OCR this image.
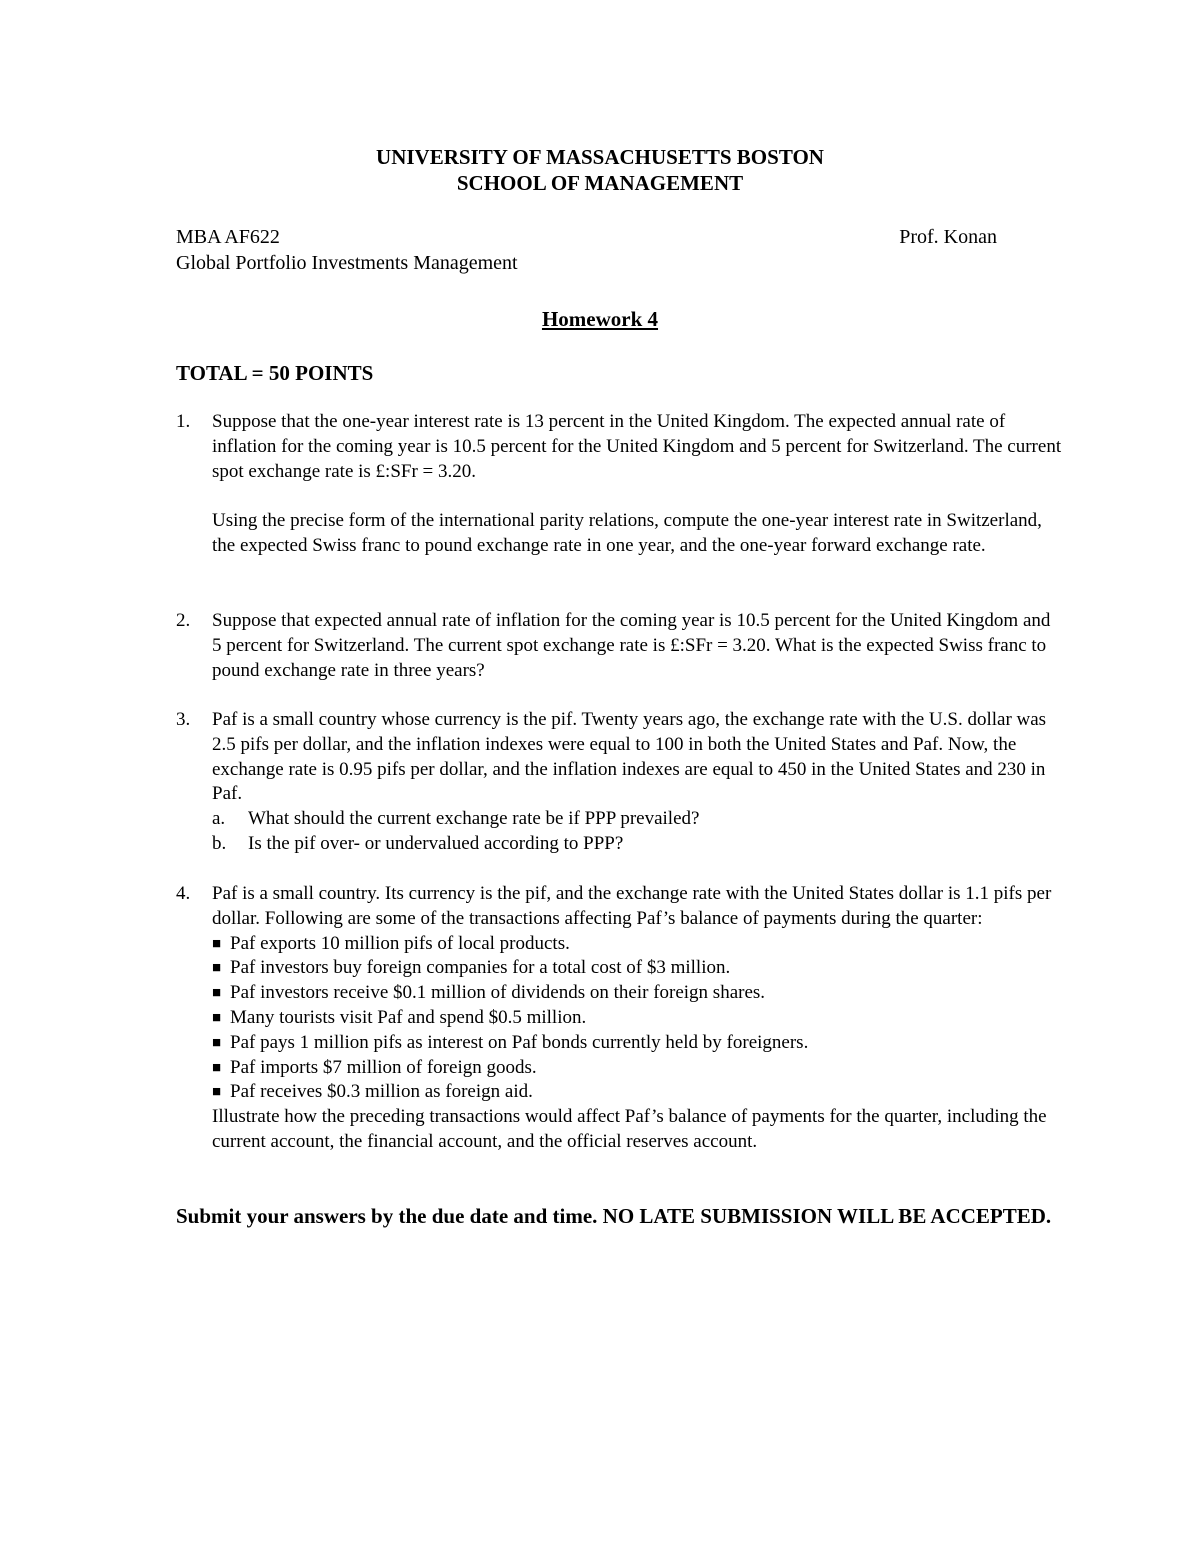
UNIVERSITY OF MASSACHUSETTS BOSTON
SCHOOL OF MANAGEMENT
MBA AF622	Prof. Konan
Global Portfolio Investments Management
Homework 4
TOTAL = 50 POINTS
1. Suppose that the one-year interest rate is 13 percent in the United Kingdom. The expected annual rate of inflation for the coming year is 10.5 percent for the United Kingdom and 5 percent for Switzerland. The current spot exchange rate is £:SFr = 3.20.

Using the precise form of the international parity relations, compute the one-year interest rate in Switzerland, the expected Swiss franc to pound exchange rate in one year, and the one-year forward exchange rate.

2. Suppose that expected annual rate of inflation for the coming year is 10.5 percent for the United Kingdom and 5 percent for Switzerland. The current spot exchange rate is £:SFr = 3.20. What is the expected Swiss franc to pound exchange rate in three years?

3. Paf is a small country whose currency is the pif. Twenty years ago, the exchange rate with the U.S. dollar was 2.5 pifs per dollar, and the inflation indexes were equal to 100 in both the United States and Paf. Now, the exchange rate is 0.95 pifs per dollar, and the inflation indexes are equal to 450 in the United States and 230 in Paf.

a. What should the current exchange rate be if PPP prevailed?
b. Is the pif over- or undervalued according to PPP?
4. Paf is a small country. Its currency is the pif, and the exchange rate with the United States dollar is 1.1 pifs per dollar. Following are some of the transactions affecting Paf’s balance of payments during the quarter:

■ Paf exports 10 million pifs of local products.
■ Paf investors buy foreign companies for a total cost of $3 million.
■ Paf investors receive $0.1 million of dividends on their foreign shares.
■ Many tourists visit Paf and spend $0.5 million.
■ Paf pays 1 million pifs as interest on Paf bonds currently held by foreigners.
■ Paf imports $7 million of foreign goods.
■ Paf receives $0.3 million as foreign aid.

Illustrate how the preceding transactions would affect Paf’s balance of payments for the quarter, including the current account, the financial account, and the official reserves account.

Submit your answers by the due date and time. NO LATE SUBMISSION WILL BE ACCEPTED.
